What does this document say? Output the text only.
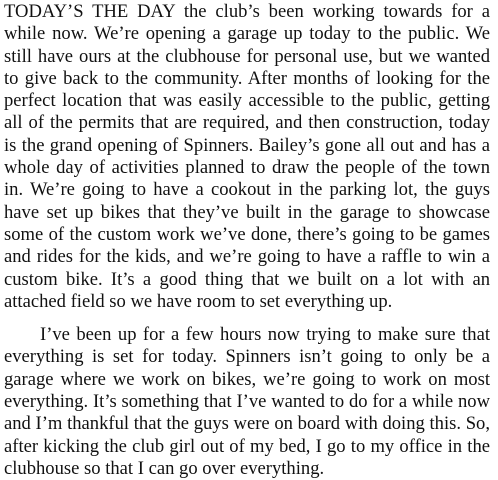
TODAY’S THE DAY the club’s been working towards for a while now. We’re opening a garage up today to the public. We still have ours at the clubhouse for personal use, but we wanted to give back to the community. After months of looking for the perfect location that was easily accessible to the public, getting all of the permits that are required, and then construction, today is the grand opening of Spinners. Bailey’s gone all out and has a whole day of activities planned to draw the people of the town in. We’re going to have a cookout in the parking lot, the guys have set up bikes that they’ve built in the garage to showcase some of the custom work we’ve done, there’s going to be games and rides for the kids, and we’re going to have a raffle to win a custom bike. It’s a good thing that we built on a lot with an attached field so we have room to set everything up.

I’ve been up for a few hours now trying to make sure that everything is set for today. Spinners isn’t going to only be a garage where we work on bikes, we’re going to work on most everything. It’s something that I’ve wanted to do for a while now and I’m thankful that the guys were on board with doing this. So, after kicking the club girl out of my bed, I go to my office in the clubhouse so that I can go over everything.
